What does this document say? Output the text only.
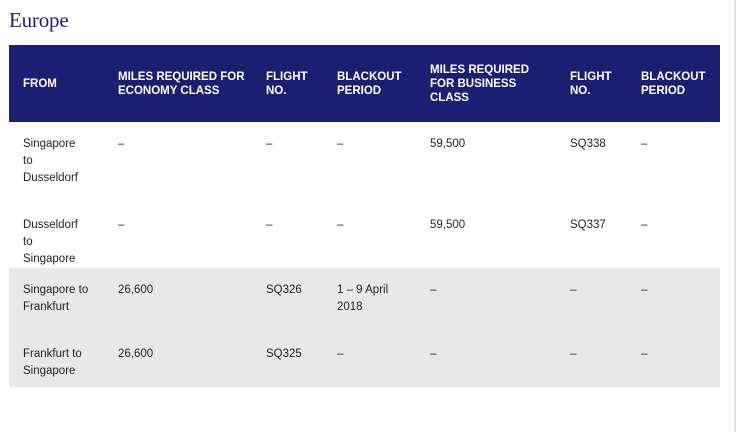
Europe
FROM	MILES REQUIRED FOR ECONOMY CLASS	FLIGHT NO.	BLACKOUT PERIOD	MILES REQUIRED FOR BUSINESS CLASS	FLIGHT NO.	BLACKOUT PERIOD

Singapore to Dusseldorf	–	–	–	59,500	SQ338	–

Dusseldorf to Singapore	–	–	–	59,500	SQ337	–

Singapore to Frankfurt	26,600	SQ326	1 – 9 April 2018	–	–	–

Frankfurt to Singapore	26,600	SQ325	–	–	–	–
